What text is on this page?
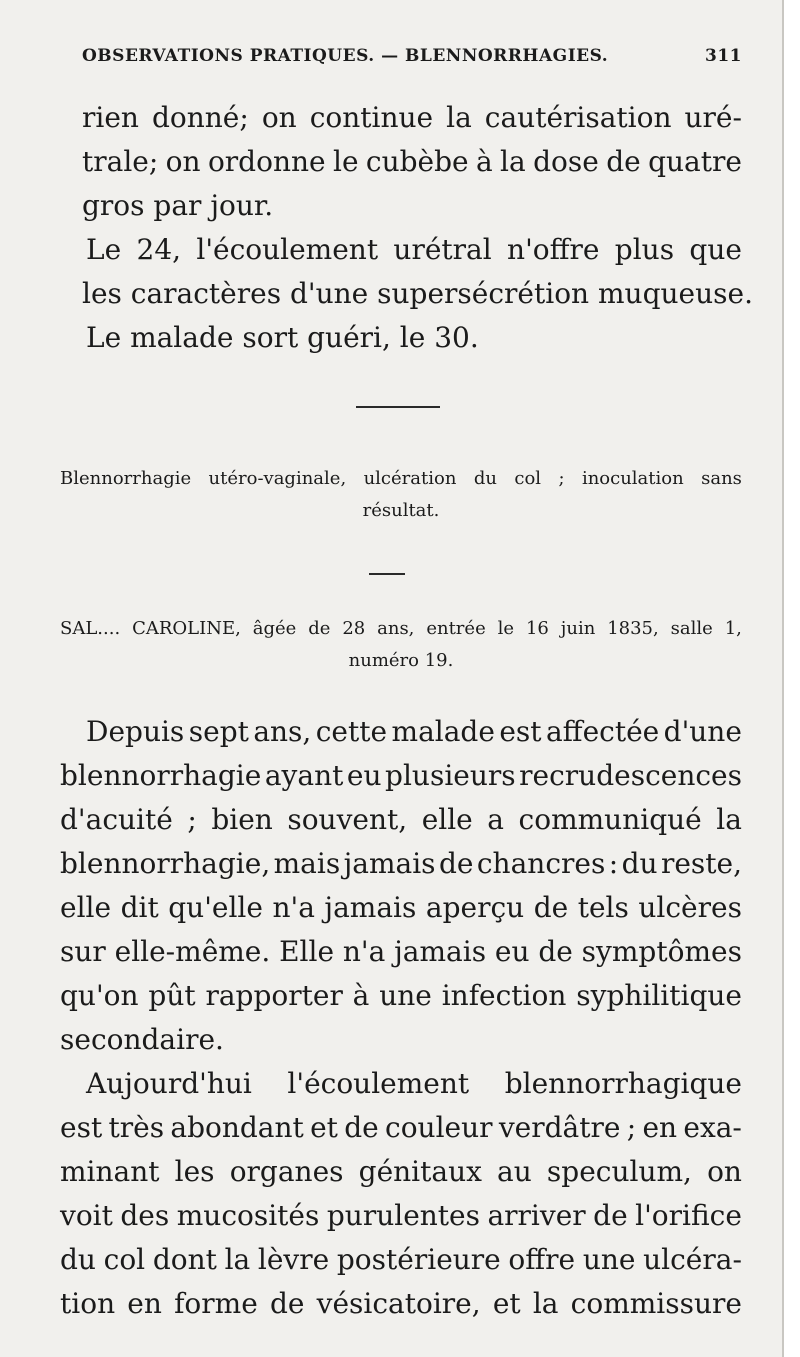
OBSERVATIONS PRATIQUES. — BLENNORRHAGIES.	311
rien donné; on continue la cautérisation uré-
trale; on ordonne le cubèbe à la dose de quatre
gros par jour.
Le 24, l'écoulement urétral n'offre plus que
les caractères d'une supersécrétion muqueuse.
Le malade sort guéri, le 30.
Blennorrhagie utéro-vaginale, ulcération du col ; inoculation sans
résultat.
SAL.... CAROLINE, âgée de 28 ans, entrée le 16 juin 1835, salle 1,
numéro 19.
Depuis sept ans, cette malade est affectée d'une
blennorrhagie ayant eu plusieurs recrudescences
d'acuité ; bien souvent, elle a communiqué la
blennorrhagie, mais jamais de chancres : du reste,
elle dit qu'elle n'a jamais aperçu de tels ulcères
sur elle-même. Elle n'a jamais eu de symptômes
qu'on pût rapporter à une infection syphilitique
secondaire.
Aujourd'hui l'écoulement blennorrhagique
est très abondant et de couleur verdâtre ; en exa-
minant les organes génitaux au speculum, on
voit des mucosités purulentes arriver de l'orifice
du col dont la lèvre postérieure offre une ulcéra-
tion en forme de vésicatoire, et la commissure
